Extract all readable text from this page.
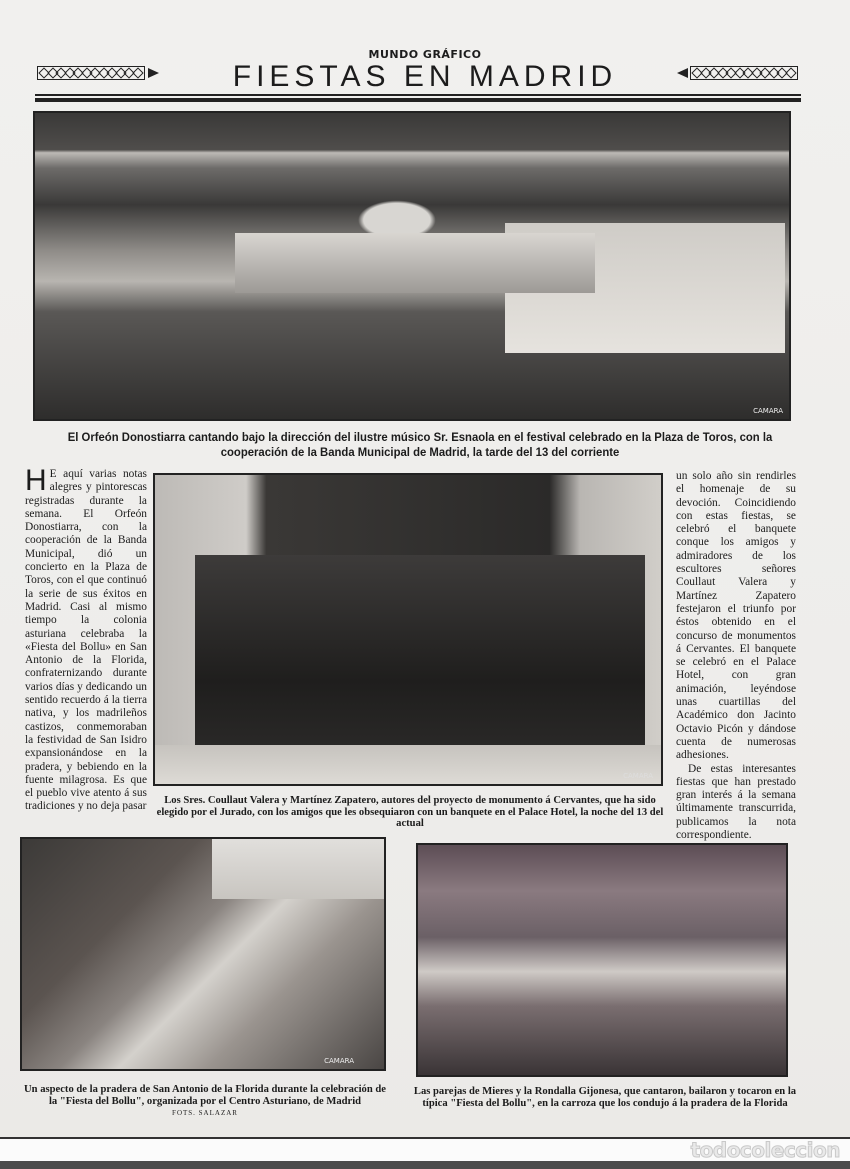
MUNDO GRÁFICO
FIESTAS EN MADRID
CAMARA
El Orfeón Donostiarra cantando bajo la dirección del ilustre músico Sr. Esnaola en el festival celebrado en la Plaza de Toros, con la cooperación de la Banda Municipal de Madrid, la tarde del 13 del corriente
H E aquí varias notas alegres y pintorescas registradas durante la semana. El Orfeón Donostiarra, con la cooperación de la Banda Municipal, dió un concierto en la Plaza de Toros, con el que continuó la serie de sus éxitos en Madrid. Casi al mismo tiempo la colonia asturiana celebraba la «Fiesta del Bollu» en San Antonio de la Florida, confraternizando durante varios días y dedicando un sentido recuerdo á la tierra nativa, y los madrileños castizos, conmemoraban la festividad de San Isidro expansionándose en la pradera, y bebiendo en la fuente milagrosa. Es que el pueblo vive atento á sus tradiciones y no deja pasar
CAMARA
Los Sres. Coullaut Valera y Martínez Zapatero, autores del proyecto de monumento á Cervantes, que ha sido elegido por el Jurado, con los amigos que les obsequiaron con un banquete en el Palace Hotel, la noche del 13 del actual
un solo año sin rendirles el homenaje de su devoción. Coincidiendo con estas fiestas, se celebró el banquete conque los amigos y admiradores de los escultores señores Coullaut Valera y Martínez Zapatero festejaron el triunfo por éstos obtenido en el concurso de monumentos á Cervantes. El banquete se celebró en el Palace Hotel, con gran animación, leyéndose unas cuartillas del Académico don Jacinto Octavio Picón y dándose cuenta de numerosas adhesiones.
De estas interesantes fiestas que han prestado gran interés á la semana últimamente transcurrida, publicamos la nota correspondiente.
CAMARA
Un aspecto de la pradera de San Antonio de la Florida durante la celebración de la "Fiesta del Bollu", organizada por el Centro Asturiano, de Madrid
FOTS. SALAZAR
Las parejas de Mieres y la Rondalla Gijonesa, que cantaron, bailaron y tocaron en la típica "Fiesta del Bollu", en la carroza que los condujo á la pradera de la Florida
todocoleccion
